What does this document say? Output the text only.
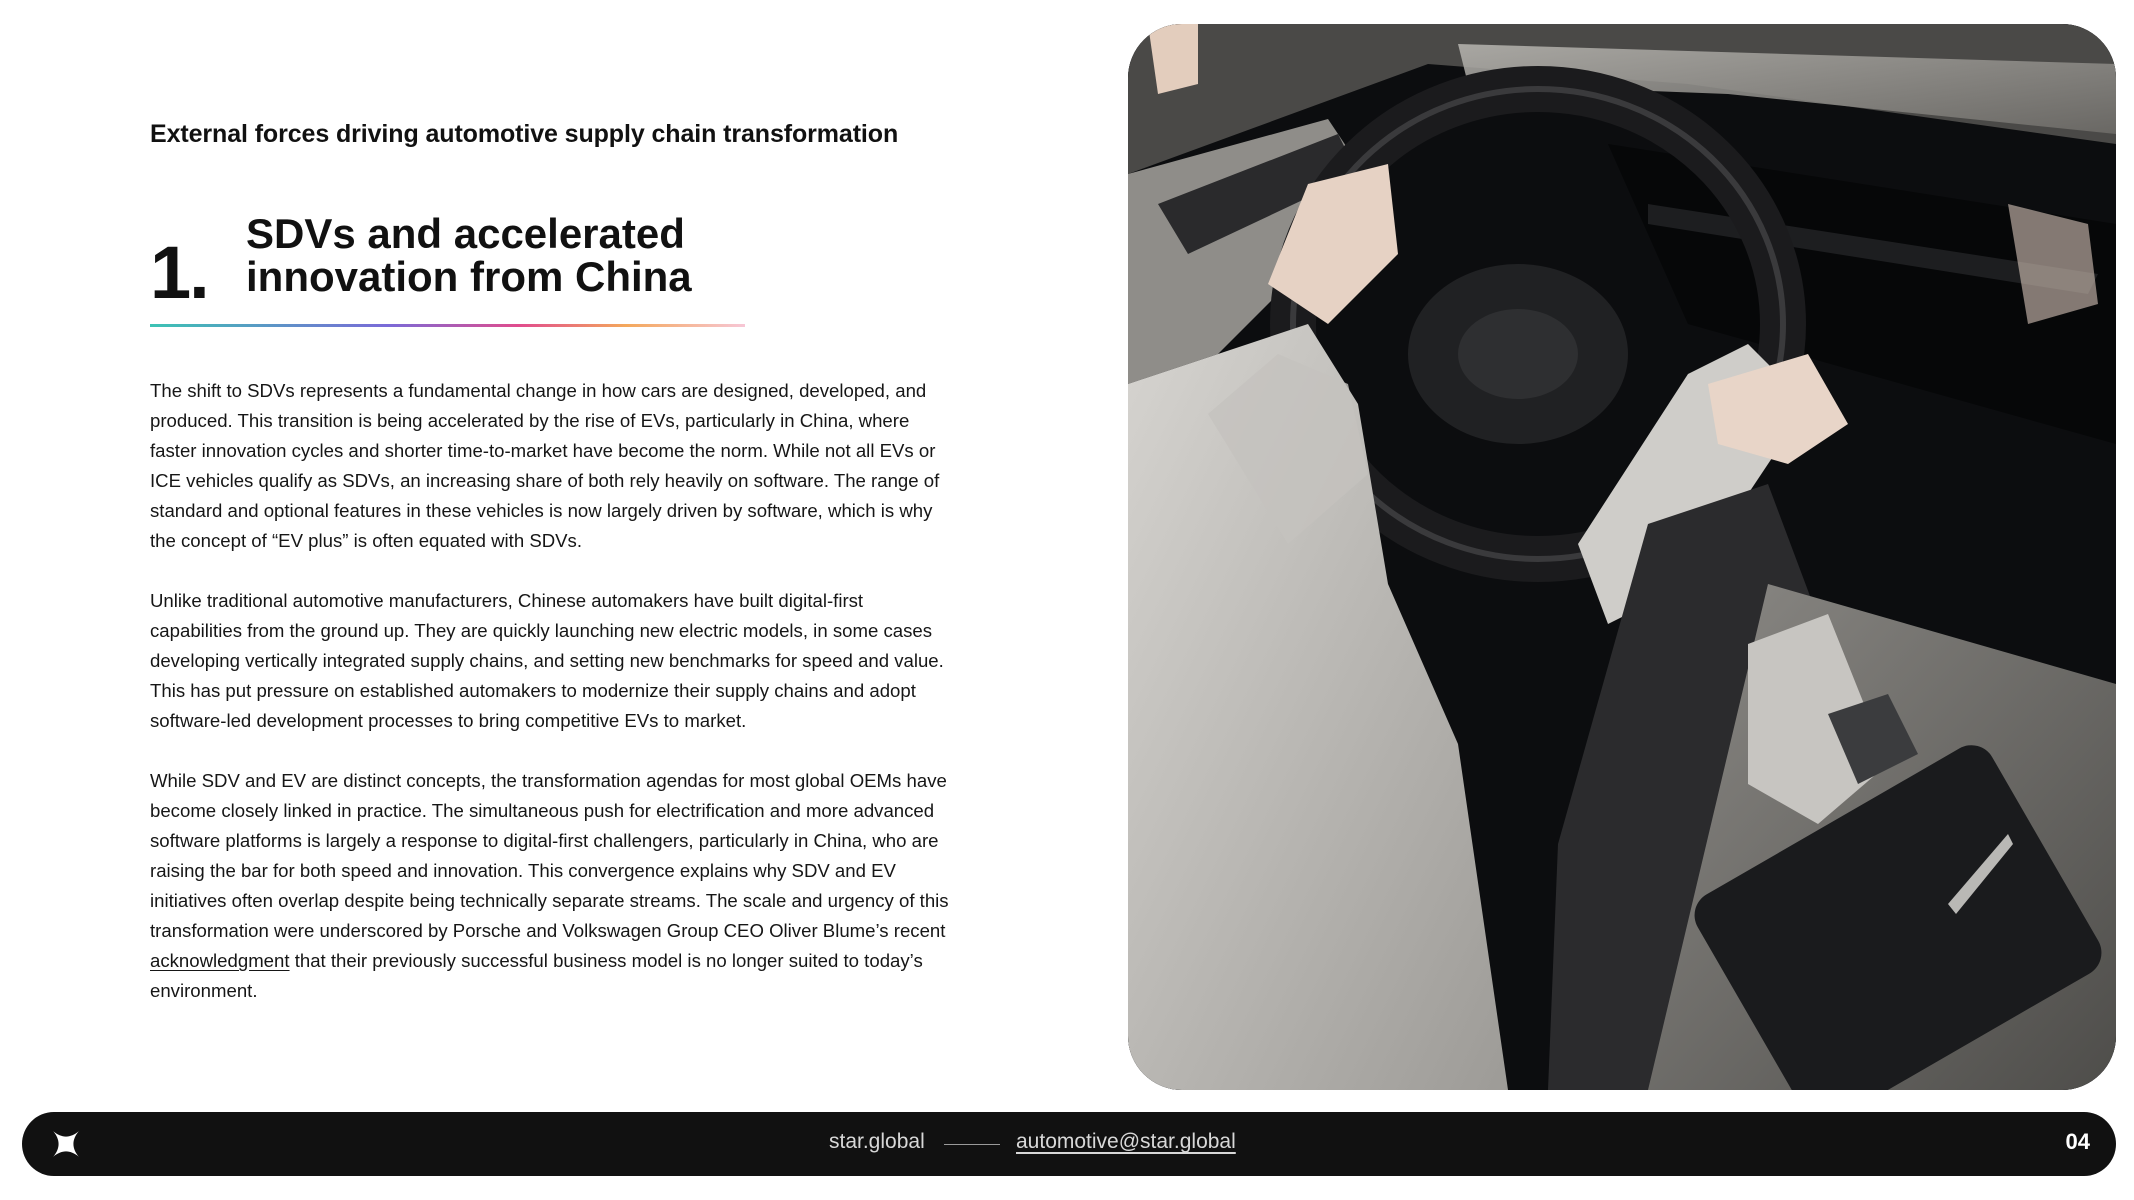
External forces driving automotive supply chain transformation
1. SDVs and accelerated
innovation from China

The shift to SDVs represents a fundamental change in how cars are designed, developed, and produced. This transition is being accelerated by the rise of EVs, particularly in China, where faster innovation cycles and shorter time-to-market have become the norm. While not all EVs or ICE vehicles qualify as SDVs, an increasing share of both rely heavily on software. The range of standard and optional features in these vehicles is now largely driven by software, which is why the concept of “EV plus” is often equated with SDVs.

Unlike traditional automotive manufacturers, Chinese automakers have built digital-first capabilities from the ground up. They are quickly launching new electric models, in some cases developing vertically integrated supply chains, and setting new benchmarks for speed and value. This has put pressure on established automakers to modernize their supply chains and adopt software-led development processes to bring competitive EVs to market.

While SDV and EV are distinct concepts, the transformation agendas for most global OEMs have become closely linked in practice. The simultaneous push for electrification and more advanced software platforms is largely a response to digital-first challengers, particularly in China, who are raising the bar for both speed and innovation. This convergence explains why SDV and EV initiatives often overlap despite being technically separate streams. The scale and urgency of this transformation were underscored by Porsche and Volkswagen Group CEO Oliver Blume’s recent acknowledgment that their previously successful business model is no longer suited to today’s environment.

star.global	automotive@star.global	04
